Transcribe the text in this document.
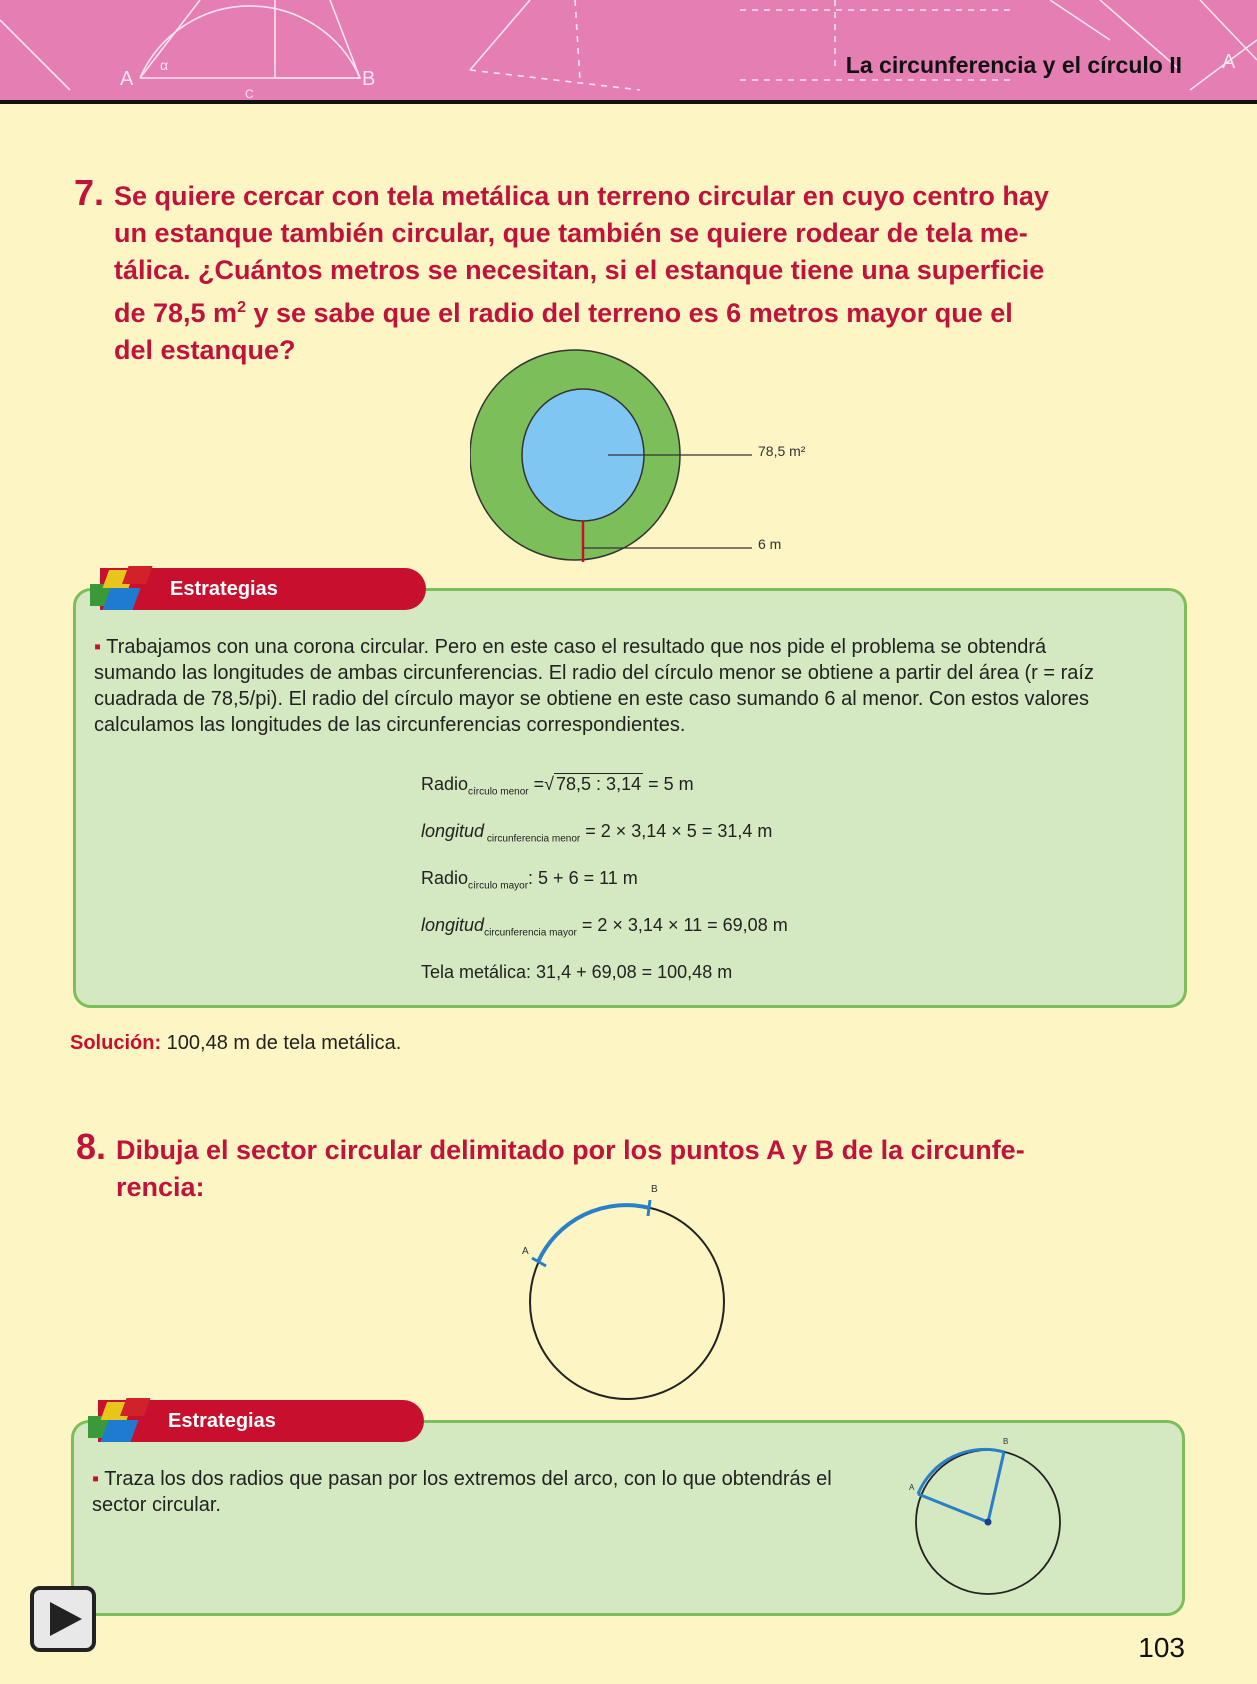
A	B
C
α	A
La circunferencia y el círculo II
7. Se quiere cercar con tela metálica un terreno circular en cuyo centro hay
un estanque también circular, que también se quiere rodear de tela me-
tálica. ¿Cuántos metros se necesitan, si el estanque tiene una superficie
de 78,5 $m^2$ y se sabe que el radio del terreno es 6 metros mayor que el
del estanque?
78,5 m²
6 m
Estrategias
▪ Trabajamos con una corona circular. Pero en este caso el resultado que nos pide el problema se obtendrá
sumando las longitudes de ambas circunferencias. El radio del círculo menor se obtiene a partir del área (r = raíz
cuadrada de 78,5/pi). El radio del círculo mayor se obtiene en este caso sumando 6 al menor. Con estos valores
calculamos las longitudes de las circunferencias correspondientes.
Radio$_{círculo menor}$ =√ 78,5 : 3,14 = 5 m
longitud $_{circunferencia menor}$ = 2 × 3,14 × 5 = 31,4 m
Radio$_{círculo mayor}$: 5 + 6 = 11 m
longitud$_{circunferencia mayor}$ = 2 × 3,14 × 11 = 69,08 m
Tela metálica: 31,4 + 69,08 = 100,48 m
Solución: 100,48 m de tela metálica.
8. Dibuja el sector circular delimitado por los puntos A y B de la circunfe-
rencia:
A
B
Estrategias
▪ Traza los dos radios que pasan por los extremos del arco, con lo que obtendrás el
sector circular.
A
B
103
